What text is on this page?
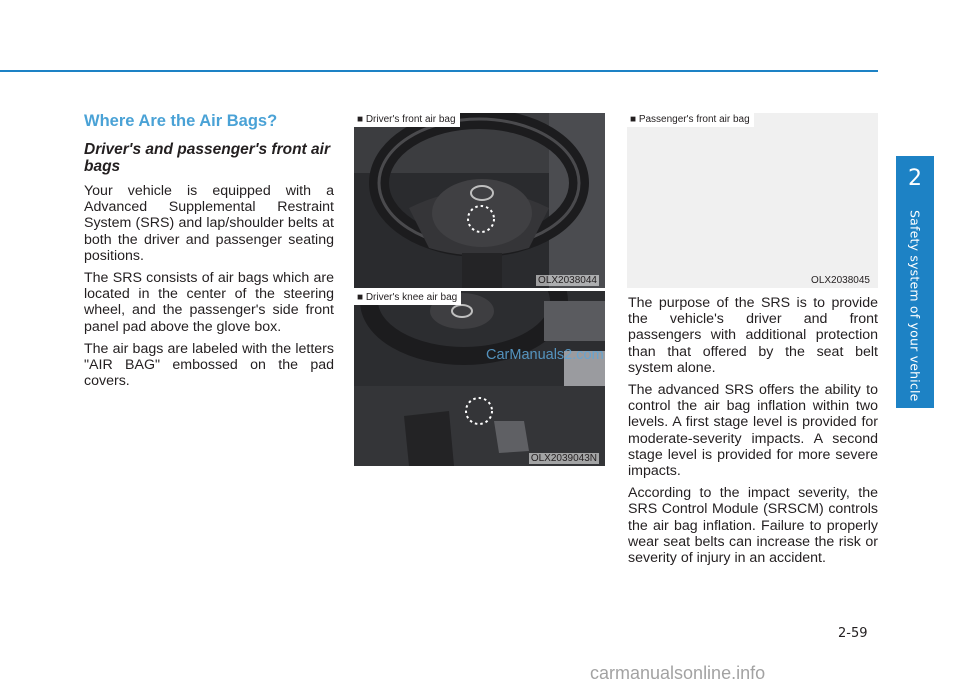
Where Are the Air Bags?
Driver's and passenger's front air bags

Your vehicle is equipped with a Advanced Supplemental Restraint System (SRS) and lap/shoulder belts at both the driver and passenger seating positions.

The SRS consists of air bags which are located in the center of the steering wheel, and the passenger's side front panel pad above the glove box.

The air bags are labeled with the letters "AIR BAG" embossed on the pad covers.

■ Driver's front air bag
OLX2038044
■ Driver's knee air bag
OLX2039043N
■ Passenger's front air bag
OLX2038045

The purpose of the SRS is to provide the vehicle's driver and front passengers with additional protection than that offered by the seat belt system alone.

The advanced SRS offers the ability to control the air bag inflation within two levels. A first stage level is provided for moderate-severity impacts. A second stage level is provided for more severe impacts.

According to the impact severity, the SRS Control Module (SRSCM) controls the air bag inflation. Failure to properly wear seat belts can increase the risk or severity of injury in an accident.

2
Safety system of your vehicle
CarManuals2.com
2-59
carmanualsonline.info
